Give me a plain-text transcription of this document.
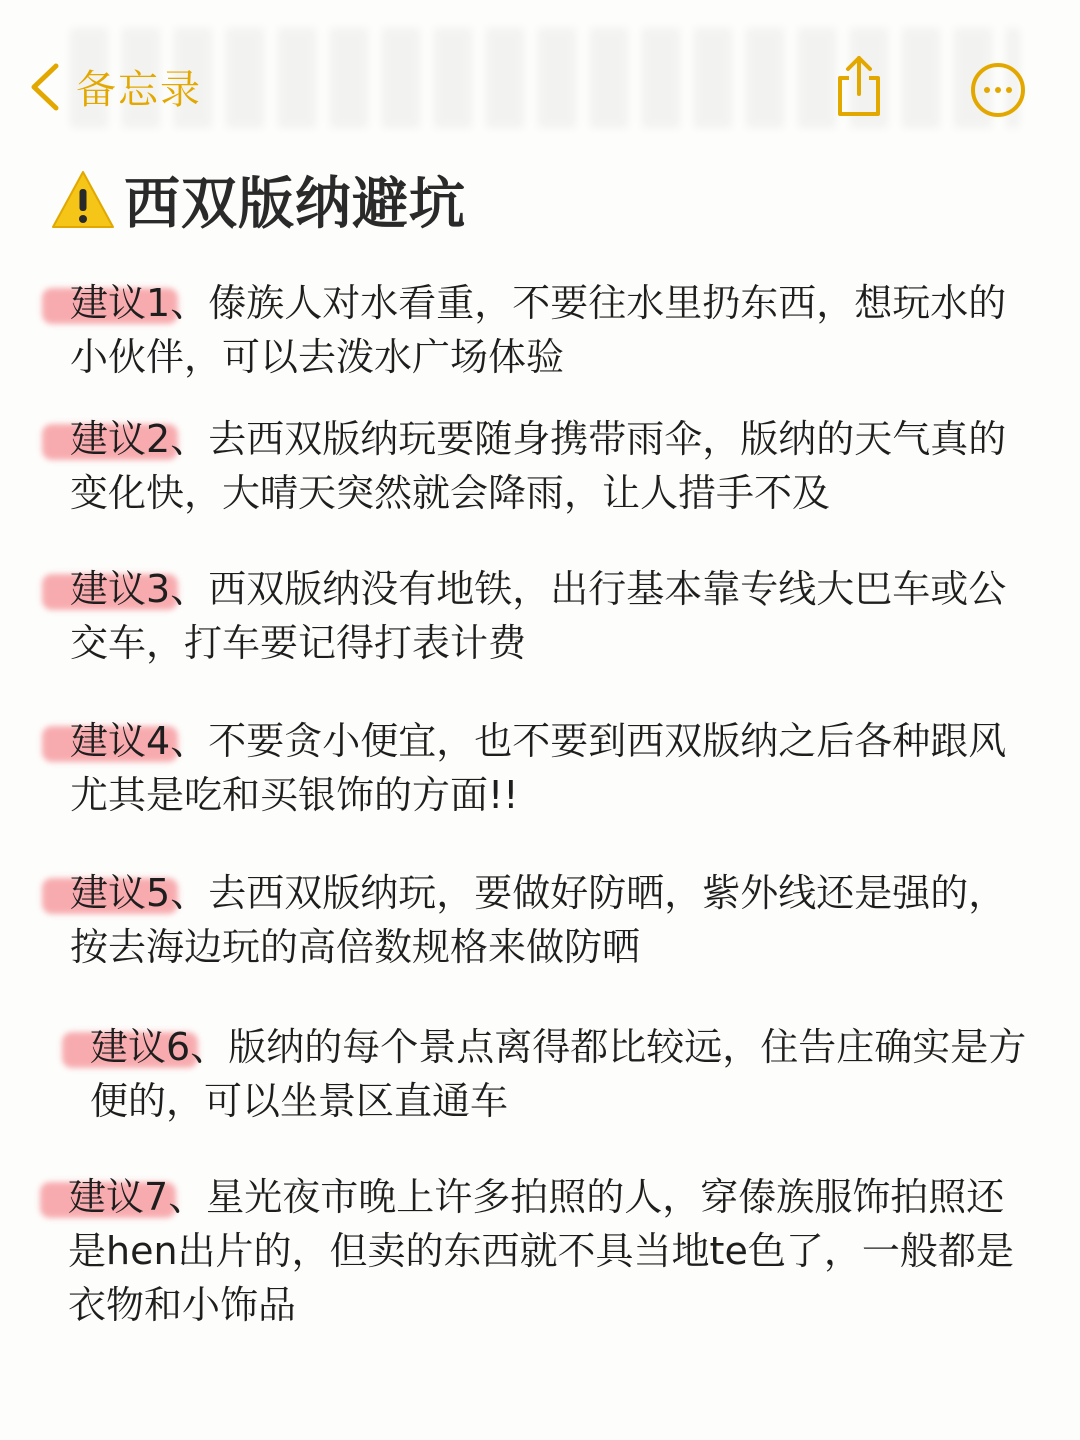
备忘录
西双版纳避坑
建议1、傣族人对水看重，不要往水里扔东西，想玩水的
小伙伴，可以去泼水广场体验
建议2、去西双版纳玩要随身携带雨伞，版纳的天气真的
变化快，大晴天突然就会降雨，让人措手不及
建议3、西双版纳没有地铁，出行基本靠专线大巴车或公
交车，打车要记得打表计费
建议4、不要贪小便宜，也不要到西双版纳之后各种跟风
尤其是吃和买银饰的方面!!
建议5、去西双版纳玩，要做好防晒，紫外线还是强的，
按去海边玩的高倍数规格来做防晒
建议6、版纳的每个景点离得都比较远，住告庄确实是方
便的，可以坐景区直通车
建议7、星光夜市晚上许多拍照的人，穿傣族服饰拍照还
是hen出片的，但卖的东西就不具当地te色了，一般都是
衣物和小饰品
